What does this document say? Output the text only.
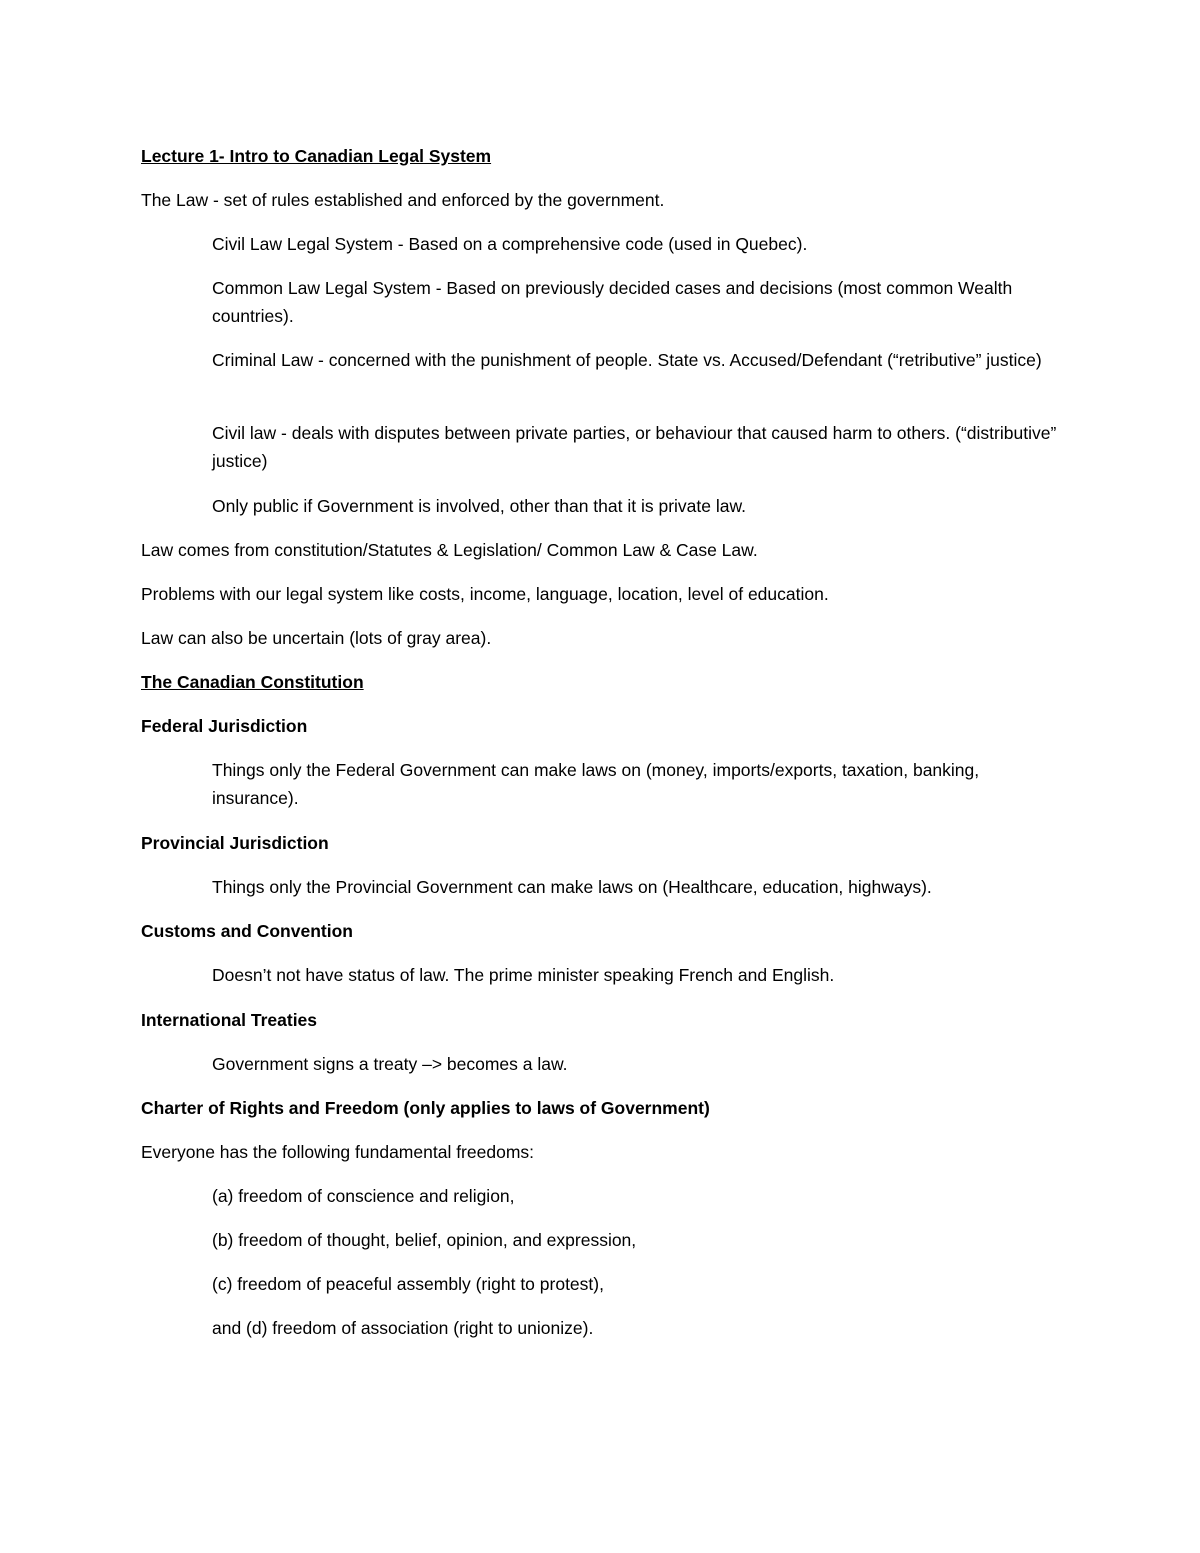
Lecture 1- Intro to Canadian Legal System

The Law - set of rules established and enforced by the government.

Civil Law Legal System - Based on a comprehensive code (used in Quebec).

Common Law Legal System - Based on previously decided cases and decisions (most common Wealth countries).

Criminal Law - concerned with the punishment of people. State vs. Accused/Defendant (“retributive” justice)

Civil law - deals with disputes between private parties, or behaviour that caused harm to others. (“distributive” justice)

Only public if Government is involved, other than that it is private law.

Law comes from constitution/Statutes & Legislation/ Common Law & Case Law.

Problems with our legal system like costs, income, language, location, level of education.

Law can also be uncertain (lots of gray area).

The Canadian Constitution

Federal Jurisdiction

Things only the Federal Government can make laws on (money, imports/exports, taxation, banking, insurance).

Provincial Jurisdiction

Things only the Provincial Government can make laws on (Healthcare, education, highways).

Customs and Convention

Doesn’t not have status of law. The prime minister speaking French and English.

International Treaties

Government signs a treaty –> becomes a law.

Charter of Rights and Freedom (only applies to laws of Government)

Everyone has the following fundamental freedoms:

(a) freedom of conscience and religion,

(b) freedom of thought, belief, opinion, and expression,

(c) freedom of peaceful assembly (right to protest),

and (d) freedom of association (right to unionize).
